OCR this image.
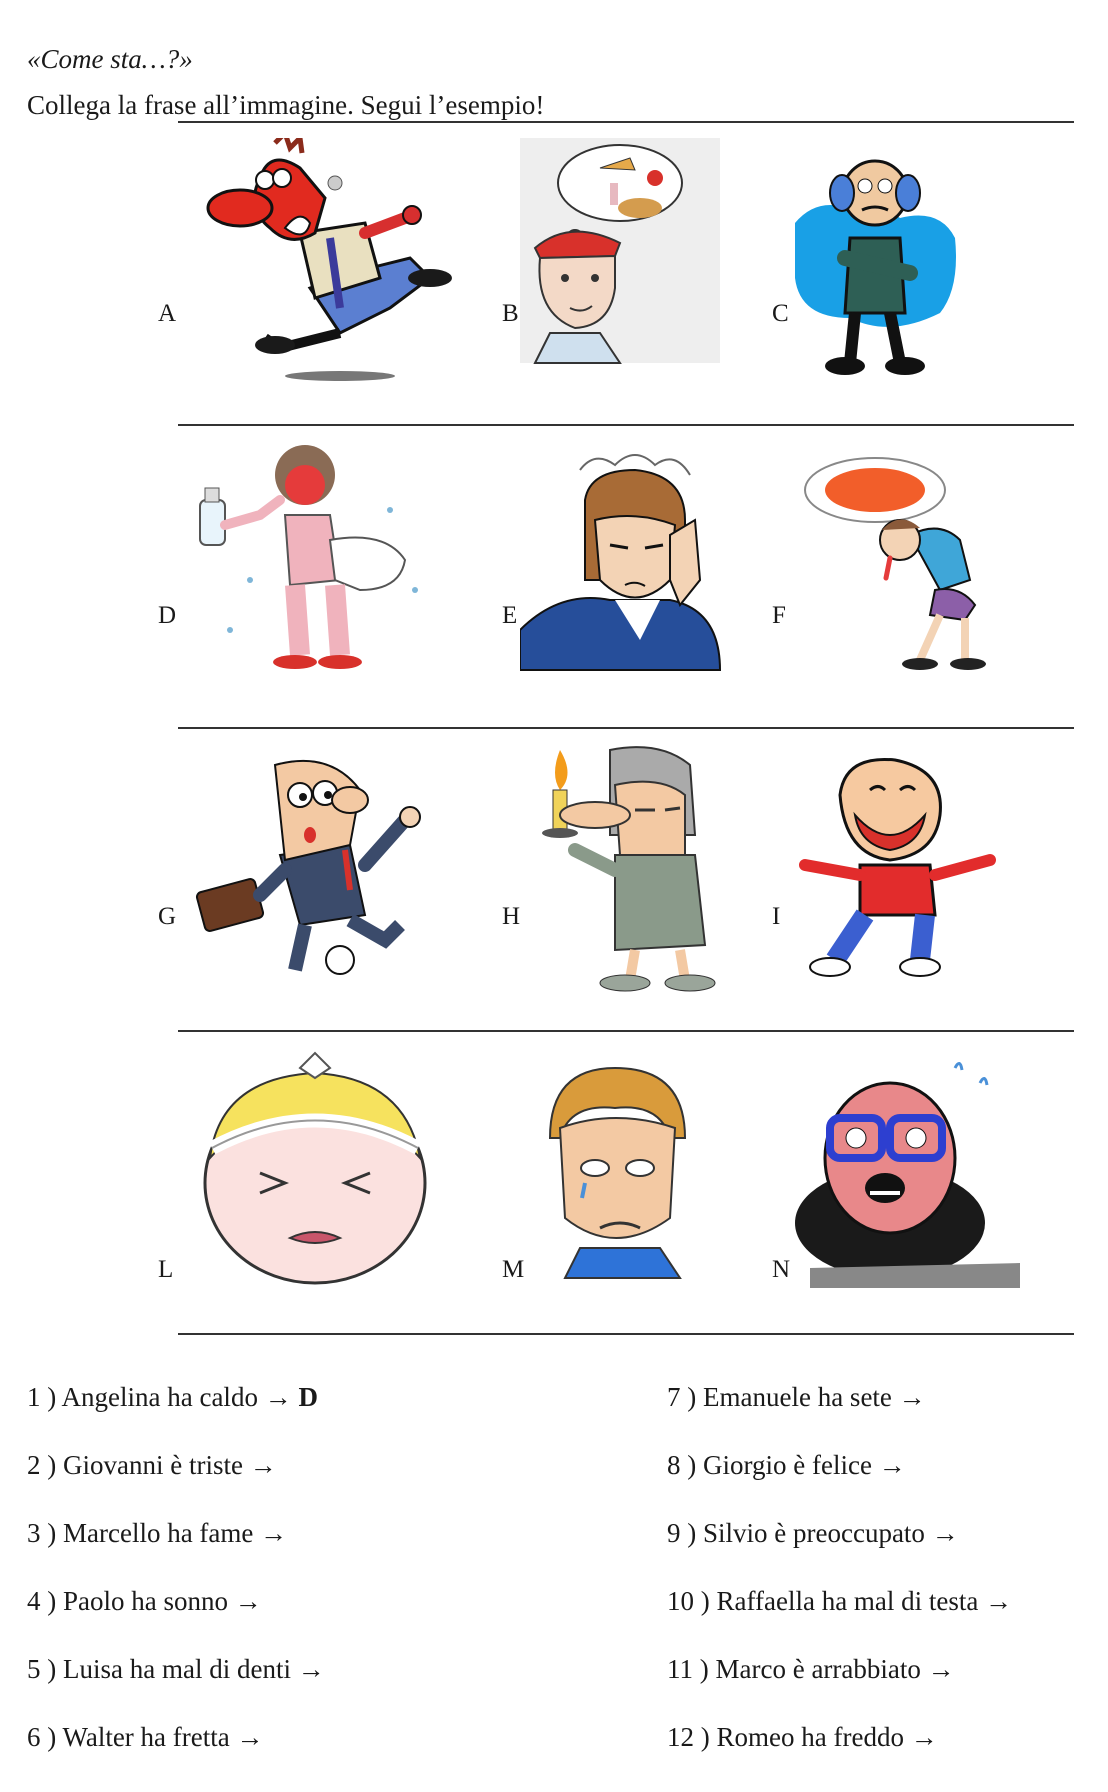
«Come sta…?»
Collega la frase all’immagine. Segui l’esempio!
A	B	C
D	E	F
G	H	I
L	M	N
1 ) Angelina ha caldo → D
2 ) Giovanni è triste →
3 ) Marcello ha fame →
4 ) Paolo ha sonno →
5 ) Luisa ha mal di denti →
6 ) Walter ha fretta →
7 ) Emanuele ha sete →
8 ) Giorgio è felice →
9 ) Silvio è preoccupato →
10 ) Raffaella ha mal di testa →
11 ) Marco è arrabbiato →
12 ) Romeo ha freddo →
